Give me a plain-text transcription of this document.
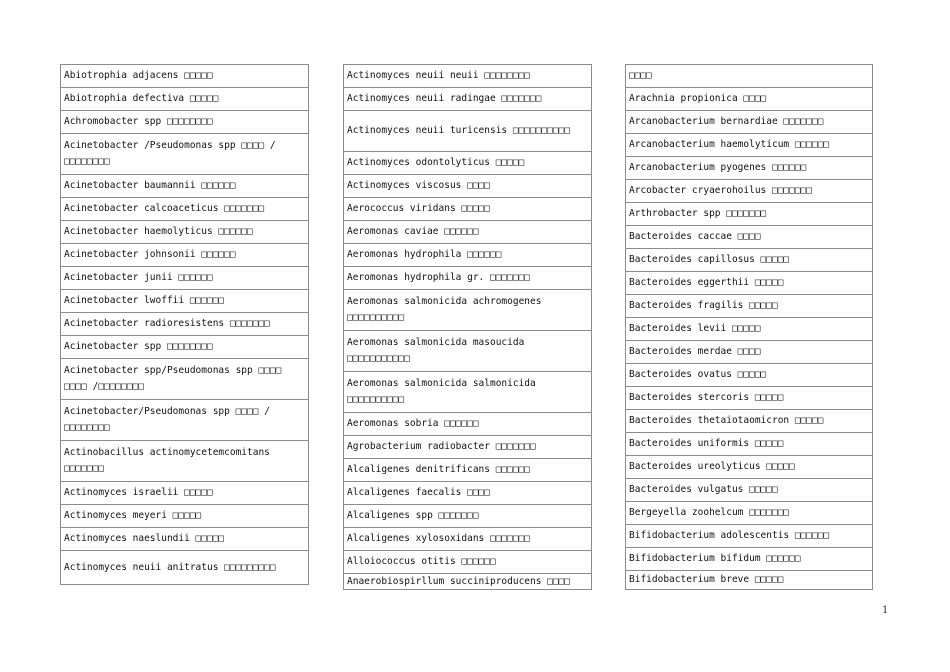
Abiotrophia adjacens □□□□□
Abiotrophia defectiva □□□□□
Achromobacter spp □□□□□□□□
Acinetobacter /Pseudomonas spp □□□□ /□□□□□□□□
Acinetobacter baumannii □□□□□□
Acinetobacter calcoaceticus □□□□□□□
Acinetobacter haemolyticus □□□□□□
Acinetobacter johnsonii □□□□□□
Acinetobacter junii □□□□□□
Acinetobacter lwoffii □□□□□□
Acinetobacter radioresistens □□□□□□□
Acinetobacter spp □□□□□□□□
Acinetobacter spp/Pseudomonas spp □□□□ □□□□ /□□□□□□□□
Acinetobacter/Pseudomonas spp □□□□ /□□□□□□□□
Actinobacillus actinomycetemcomitans □□□□□□□
Actinomyces israelii □□□□□
Actinomyces meyeri □□□□□
Actinomyces naeslundii □□□□□
Actinomyces neuii anitratus □□□□□□□□□
Actinomyces neuii neuii □□□□□□□□
Actinomyces neuii radingae □□□□□□□
Actinomyces neuii turicensis □□□□□□□□□□
Actinomyces odontolyticus □□□□□
Actinomyces viscosus □□□□
Aerococcus viridans □□□□□
Aeromonas caviae □□□□□□
Aeromonas hydrophila □□□□□□
Aeromonas hydrophila gr. □□□□□□□
Aeromonas salmonicida achromogenes □□□□□□□□□□
Aeromonas salmonicida masoucida □□□□□□□□□□□
Aeromonas salmonicida salmonicida □□□□□□□□□□
Aeromonas sobria □□□□□□
Agrobacterium radiobacter □□□□□□□
Alcaligenes denitrificans □□□□□□
Alcaligenes faecalis □□□□
Alcaligenes spp □□□□□□□
Alcaligenes xylosoxidans □□□□□□□
Alloiococcus otitis □□□□□□
Anaerobiospirllum succiniproducens □□□□
□□□□
Arachnia propionica □□□□
Arcanobacterium bernardiae □□□□□□□
Arcanobacterium haemolyticum □□□□□□
Arcanobacterium pyogenes □□□□□□
Arcobacter cryaerohoilus □□□□□□□
Arthrobacter spp □□□□□□□
Bacteroides caccae □□□□
Bacteroides capillosus □□□□□
Bacteroides eggerthii □□□□□
Bacteroides fragilis □□□□□
Bacteroides levii □□□□□
Bacteroides merdae □□□□
Bacteroides ovatus □□□□□
Bacteroides stercoris □□□□□
Bacteroides thetaiotaomicron □□□□□
Bacteroides uniformis □□□□□
Bacteroides ureolyticus □□□□□
Bacteroides vulgatus □□□□□
Bergeyella zoohelcum □□□□□□□
Bifidobacterium adolescentis □□□□□□
Bifidobacterium bifidum □□□□□□
Bifidobacterium breve □□□□□
1
